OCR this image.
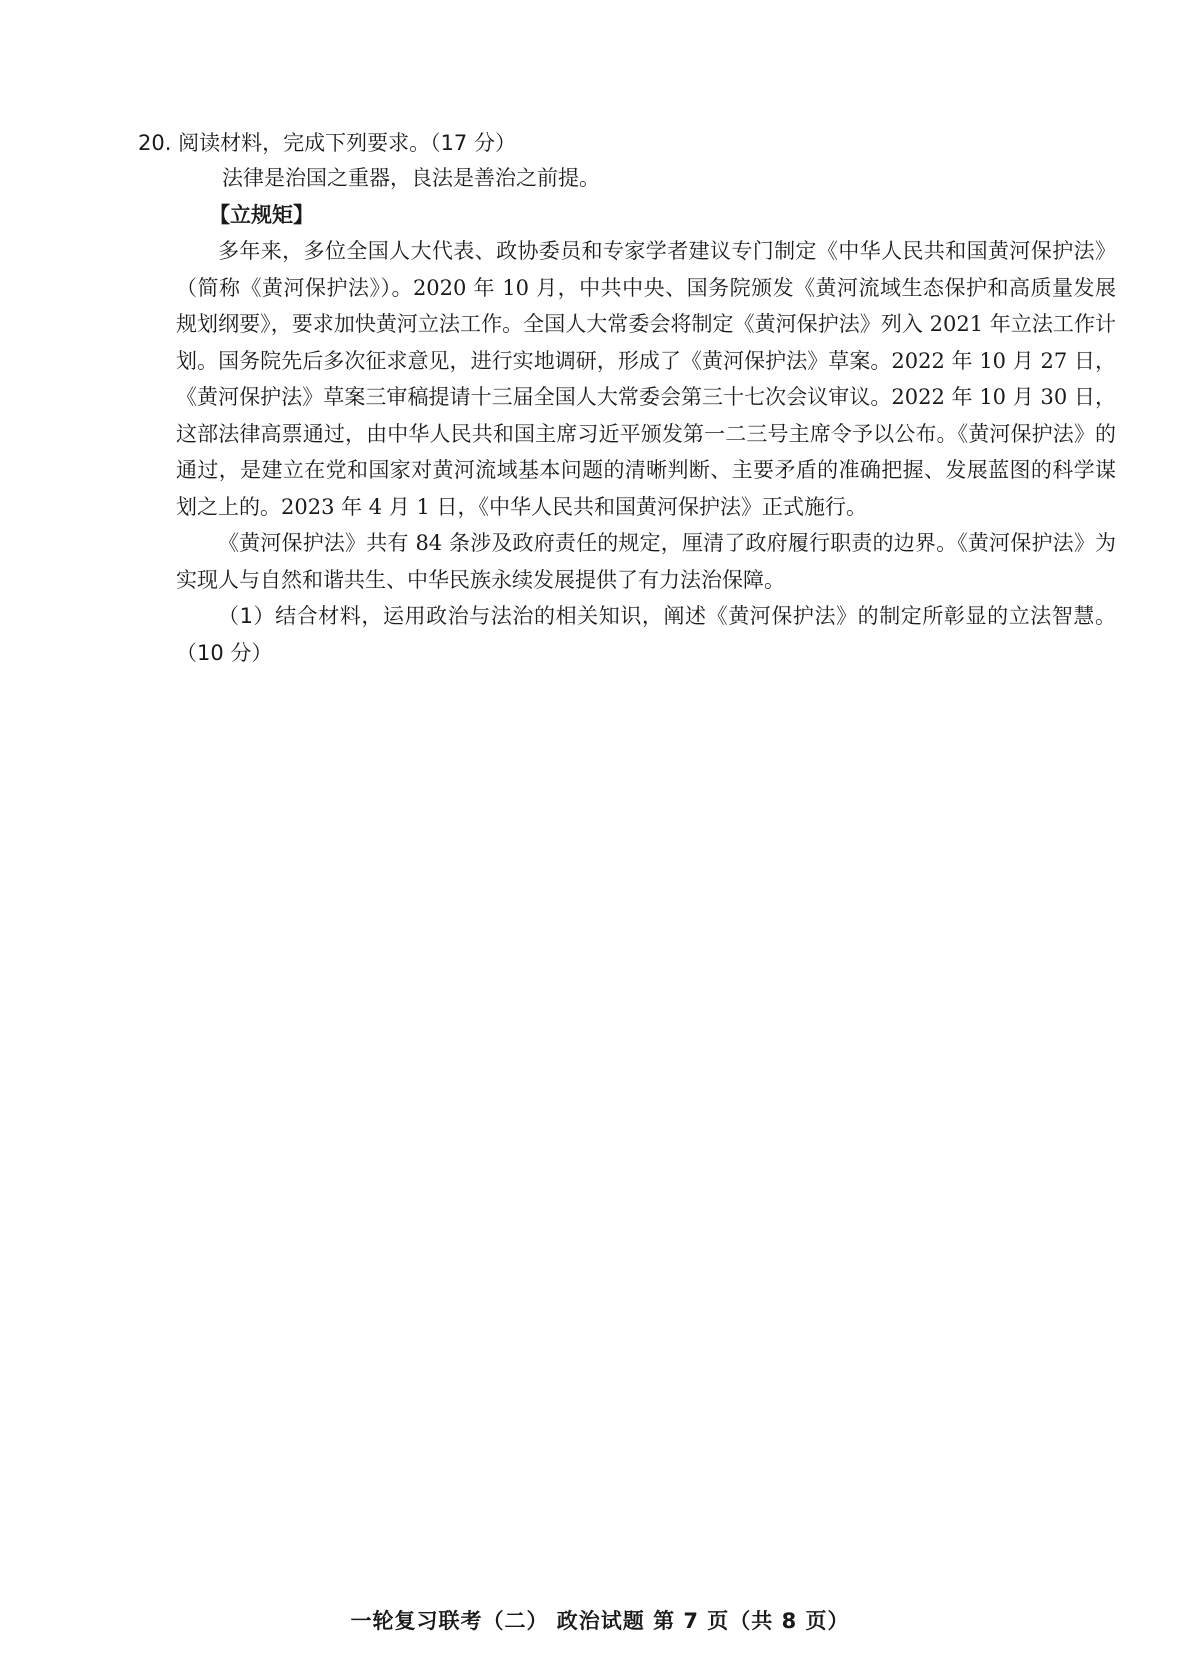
20. 阅读材料，完成下列要求。（17 分）

法律是治国之重器，良法是善治之前提。

【立规矩】

多年来，多位全国人大代表、政协委员和专家学者建议专门制定《中华人民共和国黄河保护法》（简称《黄河保护法》）。2020 年 10 月，中共中央、国务院颁发《黄河流域生态保护和高质量发展规划纲要》，要求加快黄河立法工作。全国人大常委会将制定《黄河保护法》列入 2021 年立法工作计划。国务院先后多次征求意见，进行实地调研，形成了《黄河保护法》草案。2022 年 10 月 27 日，《黄河保护法》草案三审稿提请十三届全国人大常委会第三十七次会议审议。2022 年 10 月 30 日，这部法律高票通过，由中华人民共和国主席习近平颁发第一二三号主席令予以公布。《黄河保护法》的通过，是建立在党和国家对黄河流域基本问题的清晰判断、主要矛盾的准确把握、发展蓝图的科学谋划之上的。2023 年 4 月 1 日，《中华人民共和国黄河保护法》正式施行。

《黄河保护法》共有 84 条涉及政府责任的规定，厘清了政府履行职责的边界。《黄河保护法》为实现人与自然和谐共生、中华民族永续发展提供了有力法治保障。

（1）结合材料，运用政治与法治的相关知识，阐述《黄河保护法》的制定所彰显的立法智慧。（10 分）

一轮复习联考（二） 政治试题 第 7 页（共 8 页）
